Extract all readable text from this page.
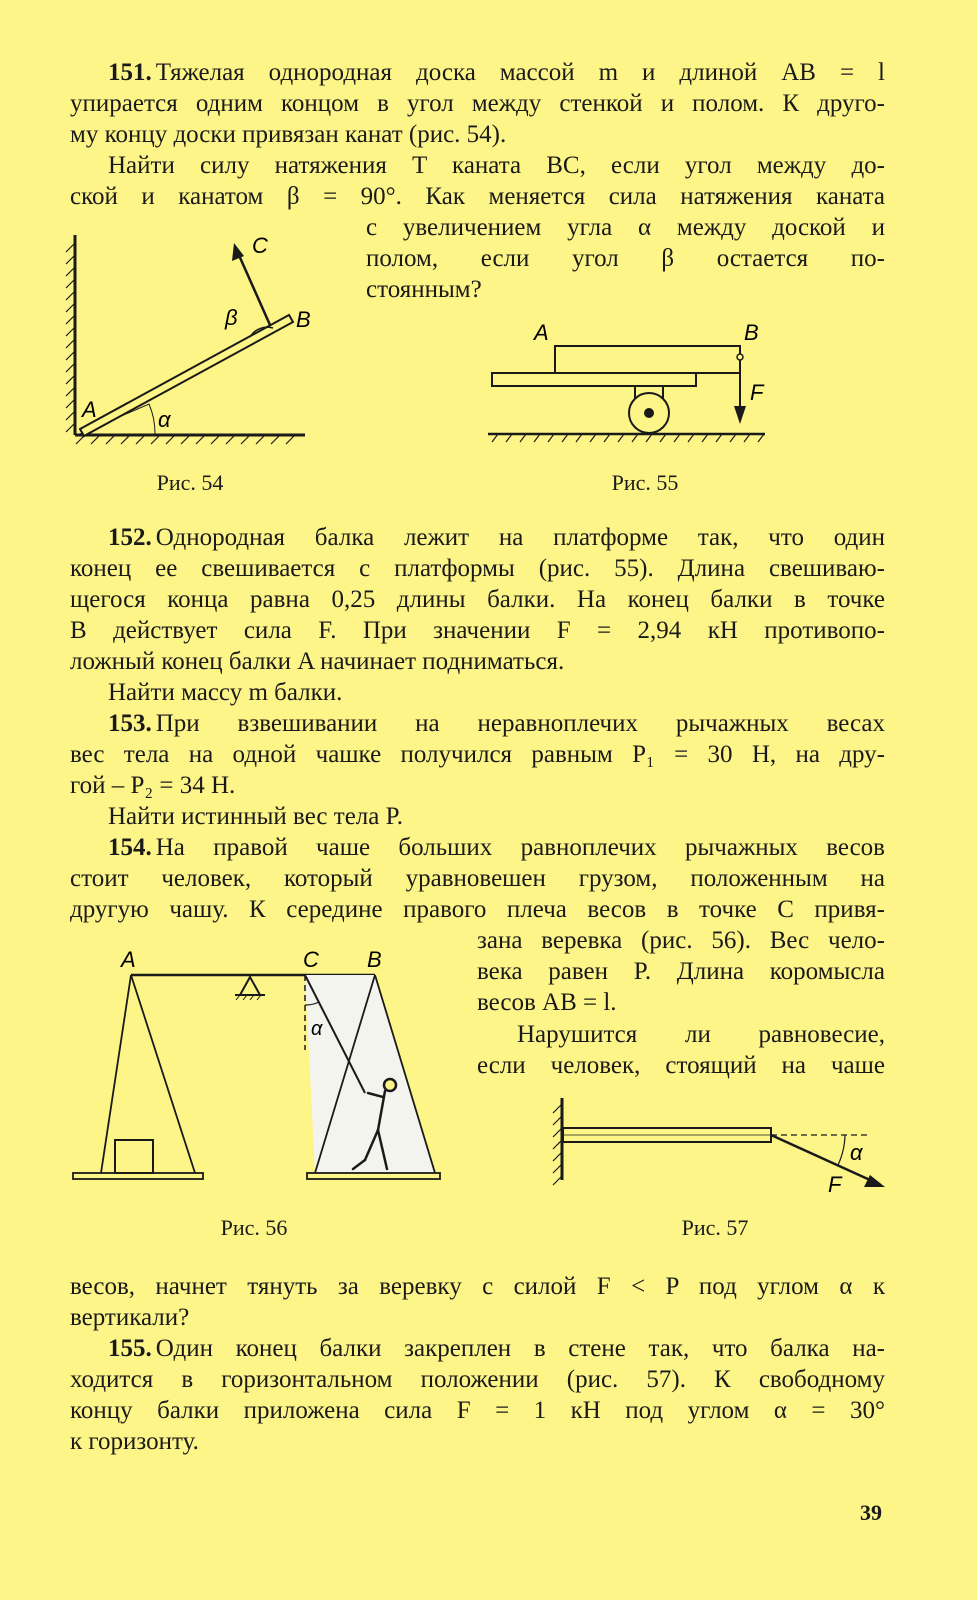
151. Тяжелая однородная доска массой m и длиной AB = l
упирается одним концом в угол между стенкой и полом. К друго-
му концу доски привязан канат (рис. 54).
Найти силу натяжения T каната BC, если угол между до-
ской и канатом β = 90°. Как меняется сила натяжения каната
с увеличением угла α между доской и
полом, если угол β остается по-
стоянным?
C
B
A
β
α
Рис. 54
A	B
F
Рис. 55
152. Однородная балка лежит на платформе так, что один
конец ее свешивается с платформы (рис. 55). Длина свешиваю-
щегося конца равна 0,25 длины балки. На конец балки в точке
B действует сила F. При значении F = 2,94 кН противопо-
ложный конец балки A начинает подниматься.
Найти массу m балки.
153. При взвешивании на неравноплечих рычажных весах
вес тела на одной чашке получился равным P₁ = 30 Н, на дру-
гой – P₂ = 34 Н.
Найти истинный вес тела P.
154. На правой чаше больших равноплечих рычажных весов
стоит человек, который уравновешен грузом, положенным на
другую чашу. К середине правого плеча весов в точке C привя-
зана веревка (рис. 56). Вес чело-
века равен P. Длина коромысла
весов AB = l.
Нарушится ли равновесие,
если человек, стоящий на чаше
A	C B
α
Рис. 56
α
F
Рис. 57
весов, начнет тянуть за веревку с силой F < P под углом α к
вертикали?
155. Один конец балки закреплен в стене так, что балка на-
ходится в горизонтальном положении (рис. 57). К свободному
концу балки приложена сила F = 1 кН под углом α = 30°
к горизонту.
39
